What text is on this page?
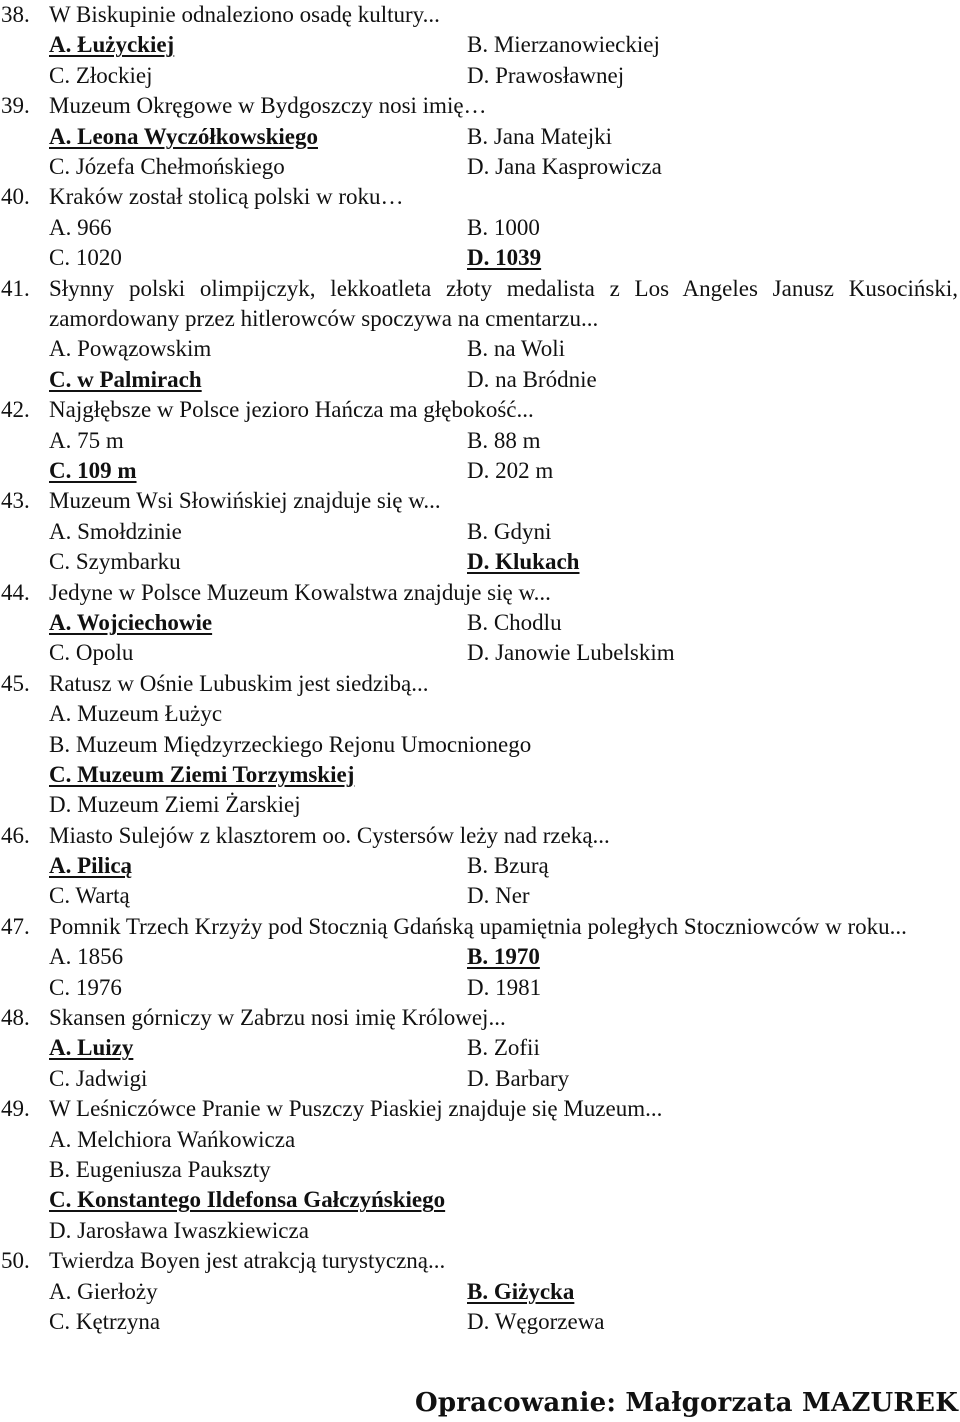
38. W Biskupinie odnaleziono osadę kultury...
A. Łużyckiej	B. Mierzanowieckiej
C. Złockiej	D. Prawosławnej
39. Muzeum Okręgowe w Bydgoszczy nosi imię…
A. Leona Wyczółkowskiego	B. Jana Matejki
C. Józefa Chełmońskiego	D. Jana Kasprowicza
40. Kraków został stolicą polski w roku…
A. 966	B. 1000
C. 1020	D. 1039
41. Słynny polski olimpijczyk, lekkoatleta złoty medalista z Los Angeles Janusz Kusociński, zamordowany przez hitlerowców spoczywa na cmentarzu...
A. Powązowskim	B. na Woli
C. w Palmirach	D. na Bródnie
42. Najgłębsze w Polsce jezioro Hańcza ma głębokość...
A. 75 m	B. 88 m
C. 109 m	D. 202 m
43. Muzeum Wsi Słowińskiej znajduje się w...
A. Smołdzinie	B. Gdyni
C. Szymbarku	D. Klukach
44. Jedyne w Polsce Muzeum Kowalstwa znajduje się w...
A. Wojciechowie	B. Chodlu
C. Opolu	D. Janowie Lubelskim
45. Ratusz w Ośnie Lubuskim jest siedzibą...
A. Muzeum Łużyc
B. Muzeum Międzyrzeckiego Rejonu Umocnionego
C. Muzeum Ziemi Torzymskiej
D. Muzeum Ziemi Żarskiej
46. Miasto Sulejów z klasztorem oo. Cystersów leży nad rzeką...
A. Pilicą	B. Bzurą
C. Wartą	D. Ner
47. Pomnik Trzech Krzyży pod Stocznią Gdańską upamiętnia poległych Stoczniowców w roku...
A. 1856	B. 1970
C. 1976	D. 1981
48. Skansen górniczy w Zabrzu nosi imię Królowej...
A. Luizy	B. Zofii
C. Jadwigi	D. Barbary
49. W Leśniczówce Pranie w Puszczy Piaskiej znajduje się Muzeum...
A. Melchiora Wańkowicza
B. Eugeniusza Paukszty
C. Konstantego Ildefonsa Gałczyńskiego
D. Jarosława Iwaszkiewicza
50. Twierdza Boyen jest atrakcją turystyczną...
A. Gierłoży	B. Giżycka
C. Kętrzyna	D. Węgorzewa
Opracowanie: Małgorzata MAZUREK
